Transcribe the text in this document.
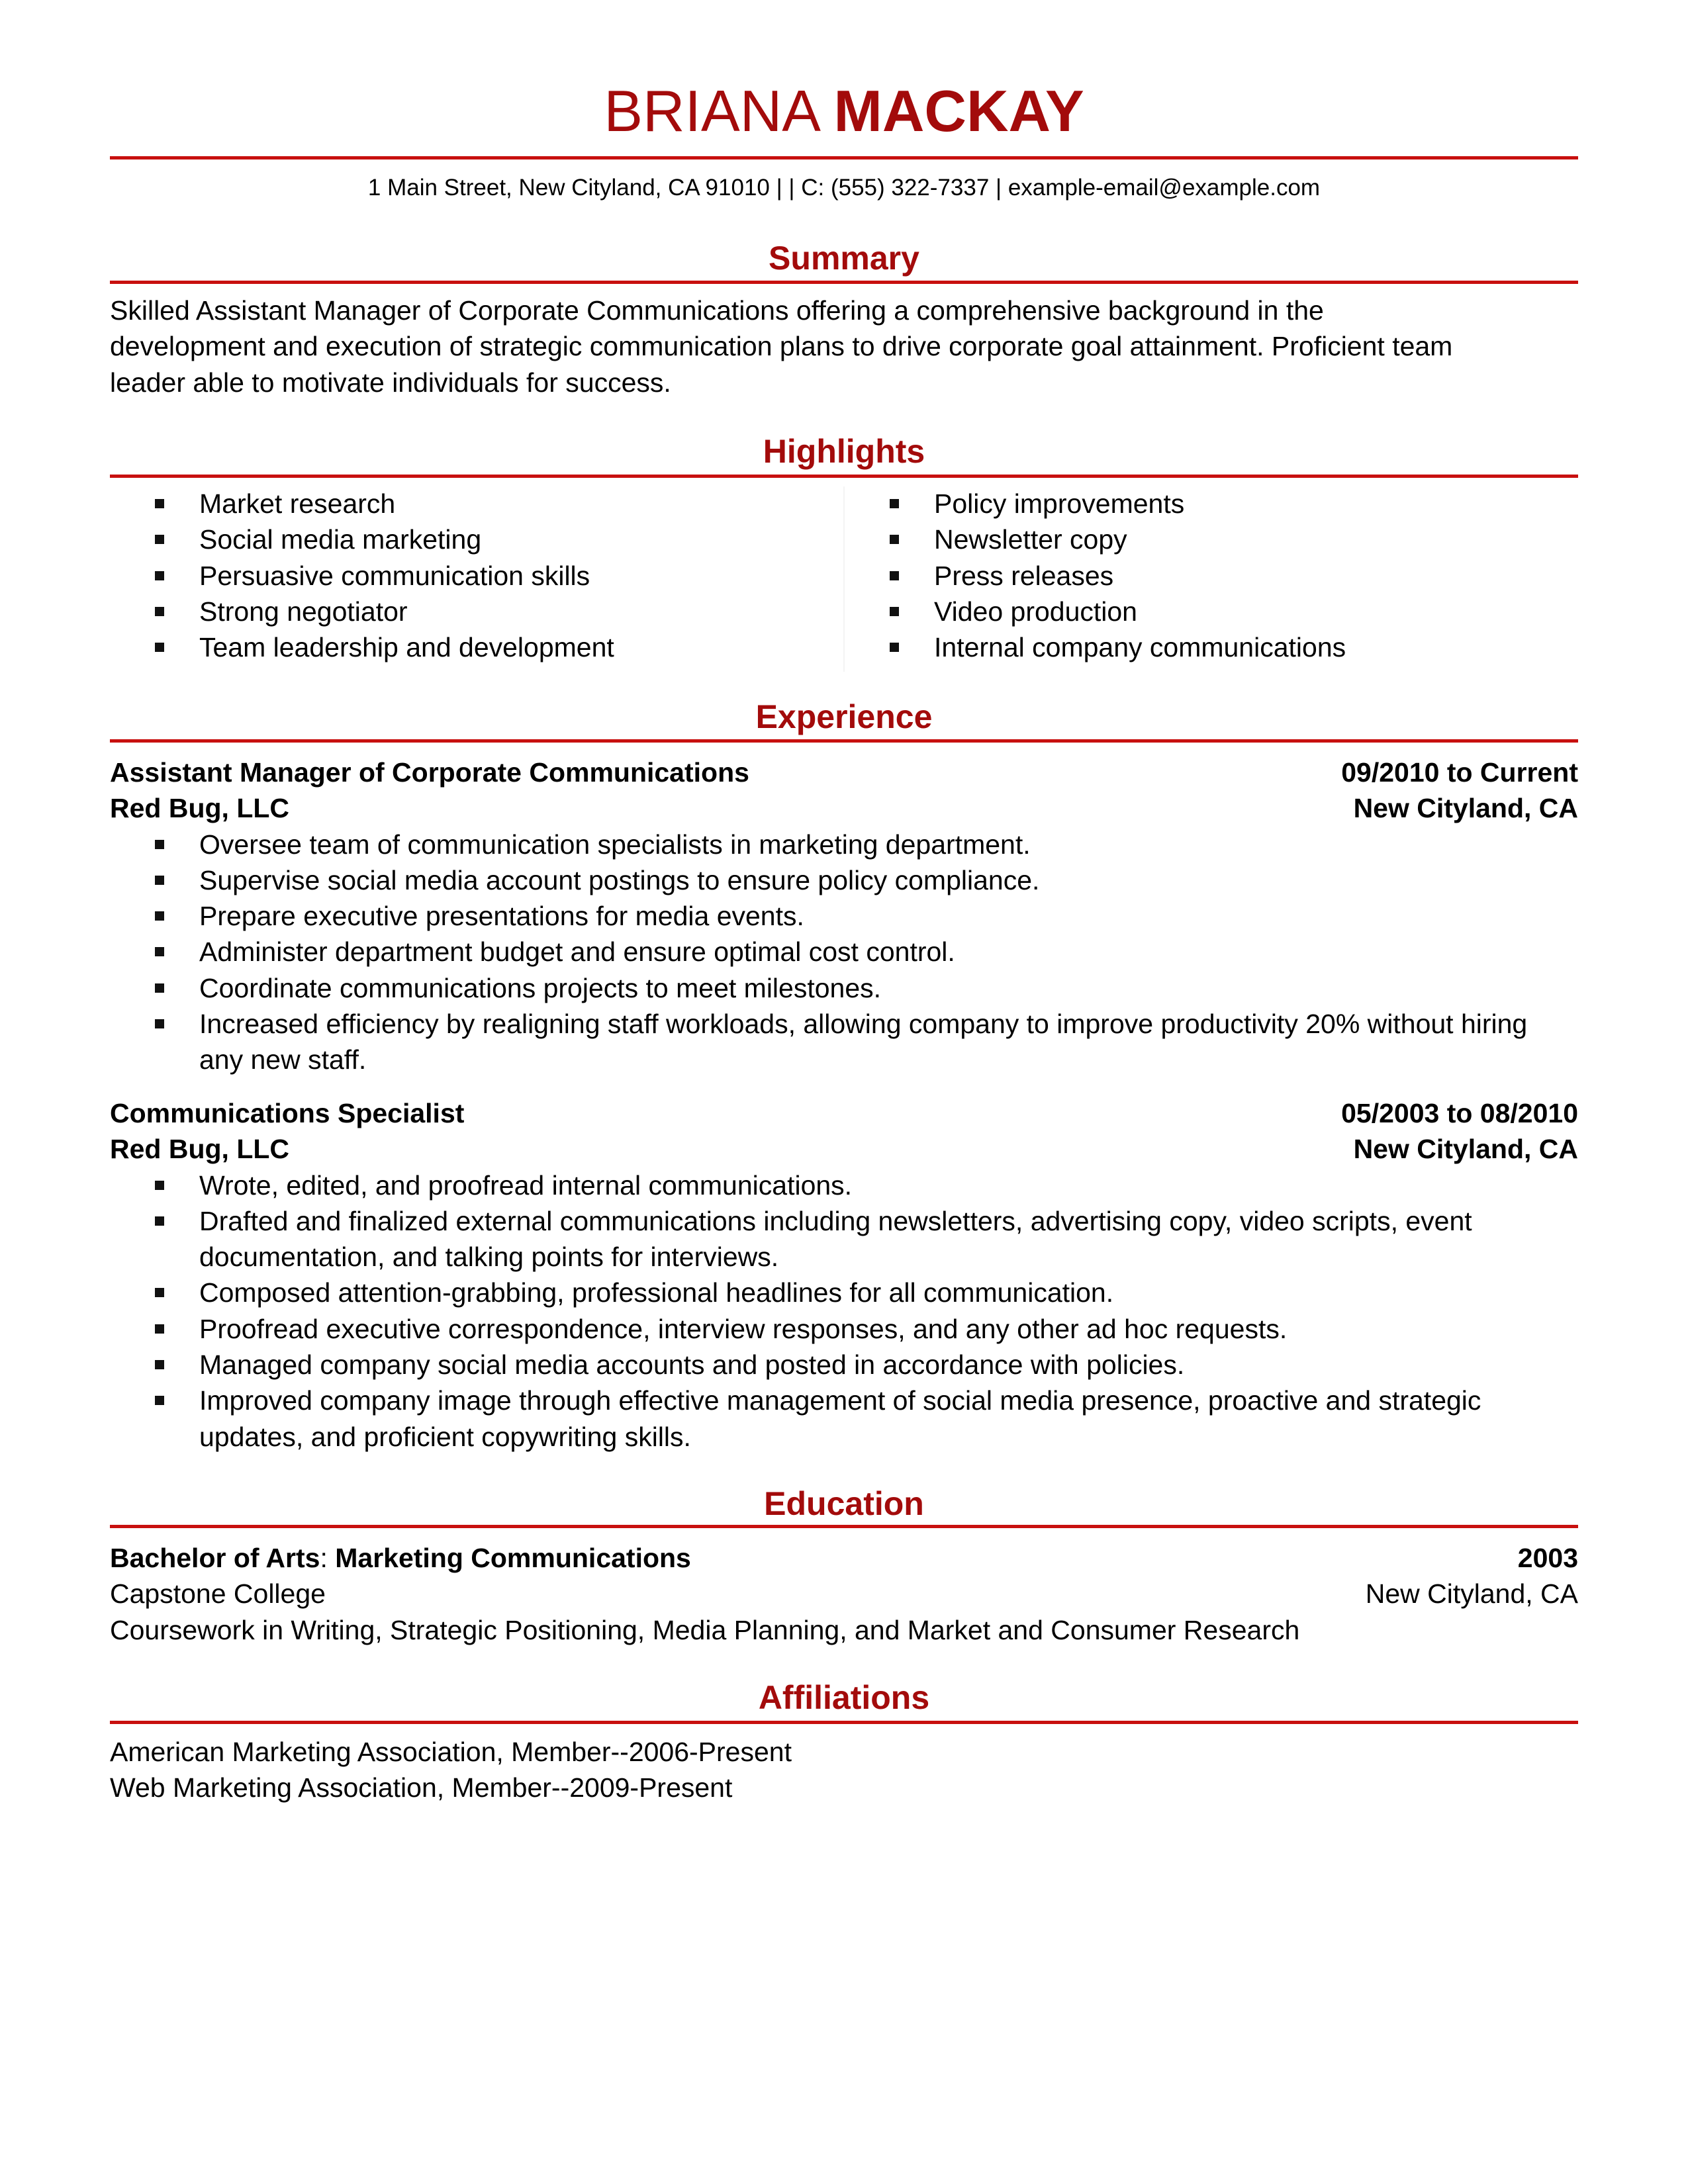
BRIANA MACKAY
1 Main Street, New Cityland, CA 91010 | | C: (555) 322-7337 | example-email@example.com
Summary
Skilled Assistant Manager of Corporate Communications offering a comprehensive background in the
development and execution of strategic communication plans to drive corporate goal attainment. Proficient team
leader able to motivate individuals for success.
Highlights
Market research
Social media marketing
Persuasive communication skills
Strong negotiator
Team leadership and development
Policy improvements
Newsletter copy
Press releases
Video production
Internal company communications
Experience
Assistant Manager of Corporate Communications	09/2010 to Current
Red Bug, LLC	New Cityland, CA
Oversee team of communication specialists in marketing department.
Supervise social media account postings to ensure policy compliance.
Prepare executive presentations for media events.
Administer department budget and ensure optimal cost control.
Coordinate communications projects to meet milestones.
Increased efficiency by realigning staff workloads, allowing company to improve productivity 20% without hiring any new staff.
Communications Specialist	05/2003 to 08/2010
Red Bug, LLC	New Cityland, CA
Wrote, edited, and proofread internal communications.
Drafted and finalized external communications including newsletters, advertising copy, video scripts, event documentation, and talking points for interviews.
Composed attention-grabbing, professional headlines for all communication.
Proofread executive correspondence, interview responses, and any other ad hoc requests.
Managed company social media accounts and posted in accordance with policies.
Improved company image through effective management of social media presence, proactive and strategic updates, and proficient copywriting skills.
Education
Bachelor of Arts: Marketing Communications	2003
Capstone College	New Cityland, CA
Coursework in Writing, Strategic Positioning, Media Planning, and Market and Consumer Research
Affiliations
American Marketing Association, Member--2006-Present
Web Marketing Association, Member--2009-Present
